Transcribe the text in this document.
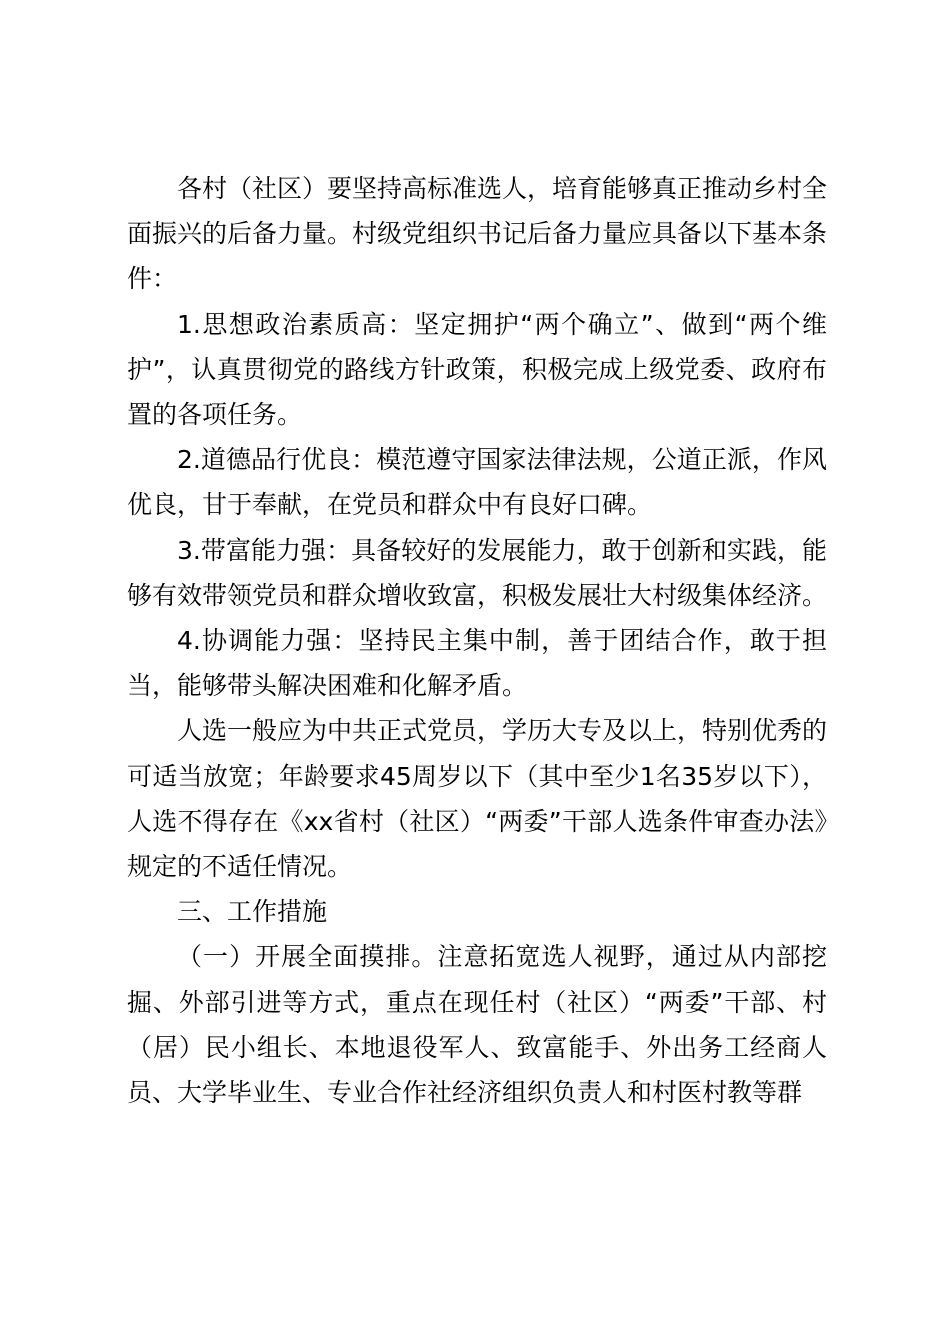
各村（社区）要坚持高标准选人，培育能够真正推动乡村全面振兴的后备力量。村级党组织书记后备力量应具备以下基本条件：

1.思想政治素质高：坚定拥护“两个确立”、做到“两个维护”，认真贯彻党的路线方针政策，积极完成上级党委、政府布置的各项任务。

2.道德品行优良：模范遵守国家法律法规，公道正派，作风优良，甘于奉献，在党员和群众中有良好口碑。

3.带富能力强：具备较好的发展能力，敢于创新和实践，能够有效带领党员和群众增收致富，积极发展壮大村级集体经济。

4.协调能力强：坚持民主集中制，善于团结合作，敢于担当，能够带头解决困难和化解矛盾。

人选一般应为中共正式党员，学历大专及以上，特别优秀的可适当放宽；年龄要求45周岁以下（其中至少1名35岁以下），人选不得存在《xx省村（社区）“两委”干部人选条件审查办法》规定的不适任情况。

三、工作措施

（一）开展全面摸排。注意拓宽选人视野，通过从内部挖掘、外部引进等方式，重点在现任村（社区）“两委”干部、村（居）民小组长、本地退役军人、致富能手、外出务工经商人员、大学毕业生、专业合作社经济组织负责人和村医村教等群
